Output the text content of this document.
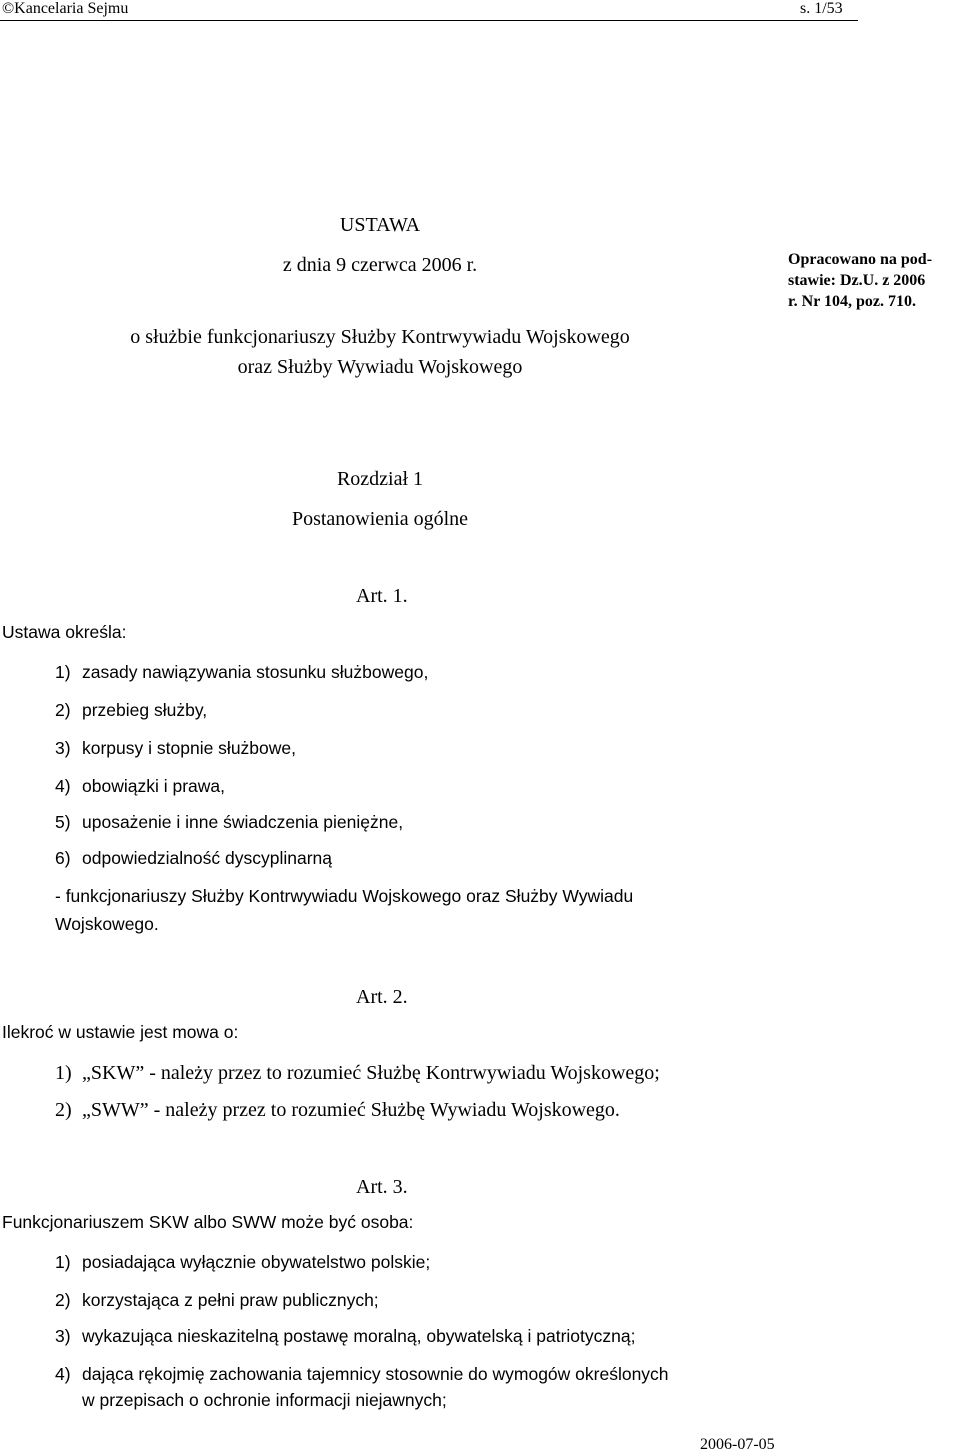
©Kancelaria Sejmu	s. 1/53
USTAWA
z dnia 9 czerwca 2006 r.
o służbie funkcjonariuszy Służby Kontrwywiadu Wojskowego
oraz Służby Wywiadu Wojskowego
Opracowano na pod-
stawie: Dz.U. z 2006
r. Nr 104, poz. 710.
Rozdział 1
Postanowienia ogólne
Art. 1.
Ustawa określa:
1) zasady nawiązywania stosunku służbowego,
2) przebieg służby,
3) korpusy i stopnie służbowe,
4) obowiązki i prawa,
5) uposażenie i inne świadczenia pieniężne,
6) odpowiedzialność dyscyplinarną
- funkcjonariuszy Służby Kontrwywiadu Wojskowego oraz Służby Wywiadu
Wojskowego.
Art. 2.
Ilekroć w ustawie jest mowa o:
1) „SKW” - należy przez to rozumieć Służbę Kontrwywiadu Wojskowego;
2) „SWW” - należy przez to rozumieć Służbę Wywiadu Wojskowego.
Art. 3.
Funkcjonariuszem SKW albo SWW może być osoba:
1) posiadająca wyłącznie obywatelstwo polskie;
2) korzystająca z pełni praw publicznych;
3) wykazująca nieskazitelną postawę moralną, obywatelską i patriotyczną;
4) dająca rękojmię zachowania tajemnicy stosownie do wymogów określonych
w przepisach o ochronie informacji niejawnych;
2006-07-05
